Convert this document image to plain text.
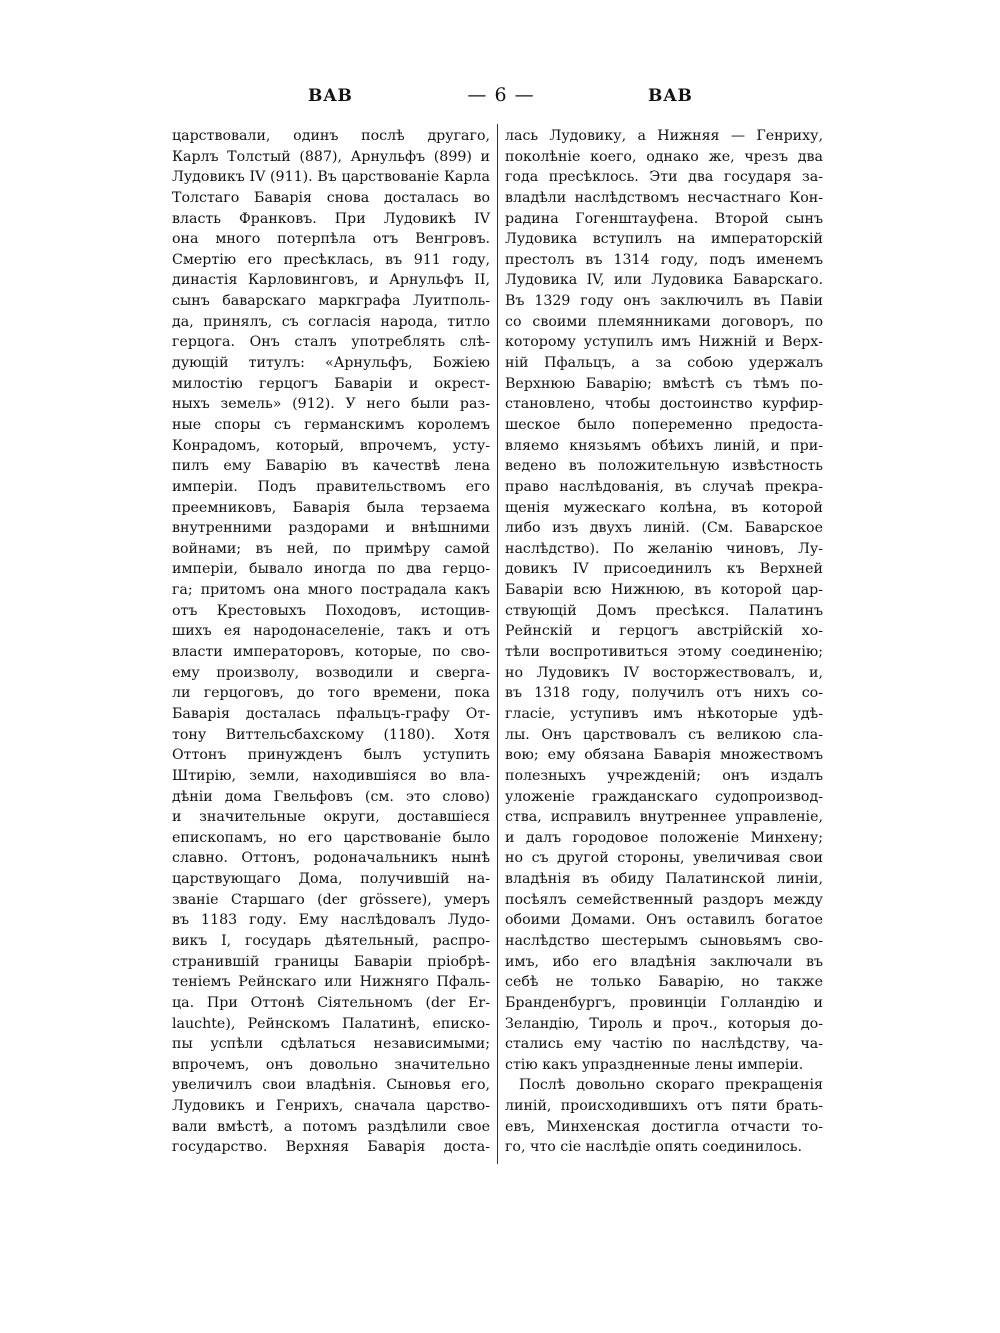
BAB	— 6 —	BAB
царствовали, одинъ послѣ другаго,
Карлъ Толстый (887), Арнульфъ (899) и
Лудовикъ IV (911). Въ царствованіе Карла
Толстаго Баварія снова досталась во
власть Франковъ. При Лудовикѣ IV
она много потерпѣла отъ Венгровъ.
Смертію его пресѣклась, въ 911 году,
династія Карловинговъ, и Арнульфъ II,
сынъ баварскаго маркграфа Луитполь-
да, принялъ, съ согласія народа, титло
герцога. Онъ сталъ употреблять слѣ-
дующій титулъ: «Арнульфъ, Божіею
милостію герцогъ Баваріи и окрест-
ныхъ земель» (912). У него были раз-
ные споры съ германскимъ королемъ
Конрадомъ, который, впрочемъ, усту-
пилъ ему Баварію въ качествѣ лена
имперіи. Подъ правительствомъ его
преемниковъ, Баварія была терзаема
внутренними раздорами и внѣшними
войнами; въ ней, по примѣру самой
имперіи, бывало иногда по два герцо-
га; притомъ она много пострадала какъ
отъ Крестовыхъ Походовъ, истощив-
шихъ ея народонаселеніе, такъ и отъ
власти императоровъ, которые, по сво-
ему произволу, возводили и сверга-
ли герцоговъ, до того времени, пока
Баварія досталась пфальцъ-графу От-
тону Виттельсбахскому (1180). Хотя
Оттонъ принужденъ былъ уступить
Штирію, земли, находившіяся во вла-
дѣніи дома Гвельфовъ (см. это слово)
и значительные округи, доставшіеся
епископамъ, но его царствованіе было
славно. Оттонъ, родоначальникъ нынѣ
царствующаго Дома, получившій на-
званіе Старшаго (der grössere), умеръ
въ 1183 году. Ему наслѣдовалъ Лудо-
викъ I, государь дѣятельный, распро-
странившій границы Баваріи пріобрѣ-
теніемъ Рейнскаго или Нижняго Пфаль-
ца. При Оттонѣ Сіятельномъ (der Er-
lauchte), Рейнскомъ Палатинѣ, еписко-
пы успѣли сдѣлаться независимыми;
впрочемъ, онъ довольно значительно
увеличилъ свои владѣнія. Сыновья его,
Лудовикъ и Генрихъ, сначала царство-
вали вмѣстѣ, а потомъ раздѣлили свое
государство. Верхняя Баварія доста-
лась Лудовику, а Нижняя — Генриху,
поколѣніе коего, однако же, чрезъ два
года пресѣклось. Эти два государя за-
владѣли наслѣдствомъ несчастнаго Кон-
радина Гогенштауфена. Второй сынъ
Лудовика вступилъ на императорскій
престолъ въ 1314 году, подъ именемъ
Лудовика IV, или Лудовика Баварскаго.
Въ 1329 году онъ заключилъ въ Павіи
со своими племянниками договоръ, по
которому уступилъ имъ Нижній и Верх-
ній Пфальцъ, а за собою удержалъ
Верхнюю Баварію; вмѣстѣ съ тѣмъ по-
становлено, чтобы достоинство курфир-
шеское было попеременно предоста-
вляемо князьямъ обѣихъ линій, и при-
ведено въ положительную извѣстность
право наслѣдованія, въ случаѣ прекра-
щенія мужескаго колѣна, въ которой
либо изъ двухъ линій. (См. Баварское
наслѣдство). По желанію чиновъ, Лу-
довикъ IV присоединилъ къ Верхней
Баваріи всю Нижнюю, въ которой цар-
ствующій Домъ пресѣкся. Палатинъ
Рейнскій и герцогъ австрійскій хо-
тѣли воспротивиться этому соединенію;
но Лудовикъ IV восторжествовалъ, и,
въ 1318 году, получилъ отъ нихъ со-
гласіе, уступивъ имъ нѣкоторые удѣ-
лы. Онъ царствовалъ съ великою сла-
вою; ему обязана Баварія множествомъ
полезныхъ учрежденій; онъ издалъ
уложеніе гражданскаго судопроизвод-
ства, исправилъ внутреннее управленіе,
и далъ городовое положеніе Минхену;
но съ другой стороны, увеличивая свои
владѣнія въ обиду Палатинской линіи,
посѣялъ семейственный раздоръ между
обоими Домами. Онъ оставилъ богатое
наслѣдство шестерымъ сыновьямъ сво-
имъ, ибо его владѣнія заключали въ
себѣ не только Баварію, но также
Бранденбургъ, провинціи Голландію и
Зеландію, Тироль и проч., которыя до-
стались ему частію по наслѣдству, ча-
стію какъ упраздненные лены имперіи.
Послѣ довольно скораго прекращенія
линій, происходившихъ отъ пяти брать-
евъ, Минхенская достигла отчасти то-
го, что сіе наслѣдіе опять соединилось.
